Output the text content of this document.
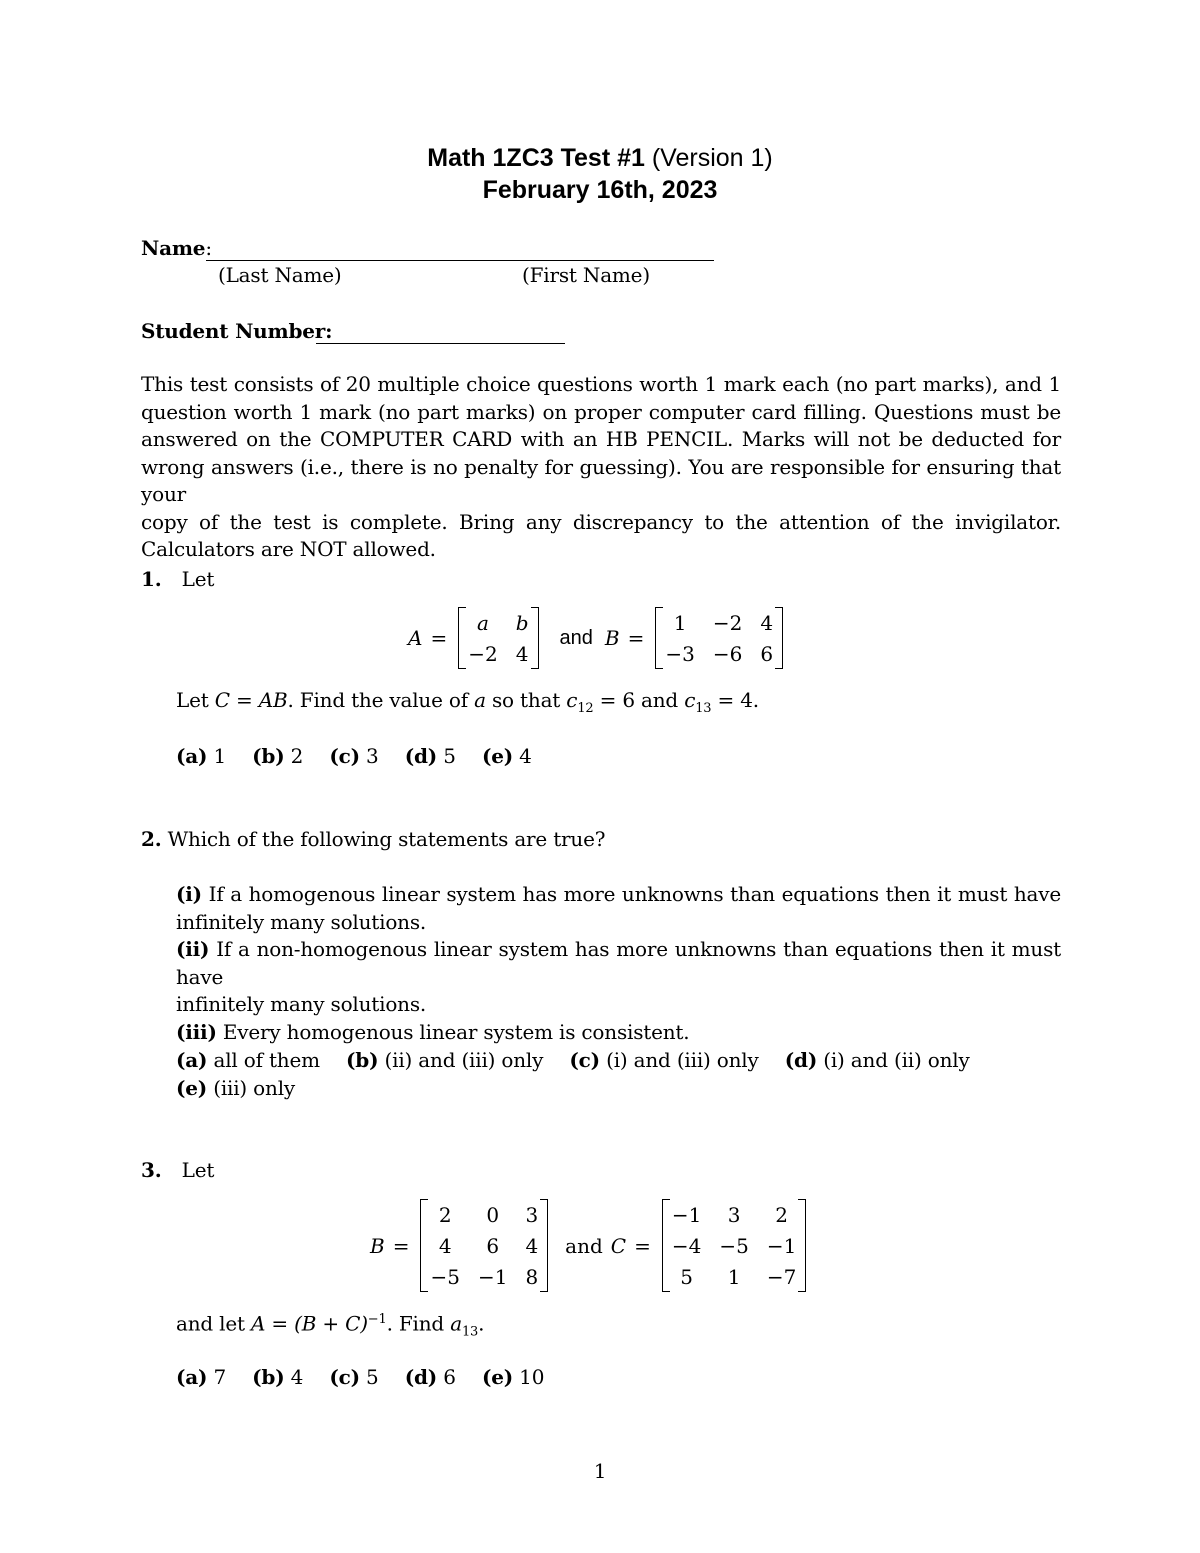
Math 1ZC3 Test #1 (Version 1)
February 16th, 2023
Name:
(Last Name)	(First Name)
Student Number:
This test consists of 20 multiple choice questions worth 1 mark each (no part marks), and 1
question worth 1 mark (no part marks) on proper computer card filling. Questions must be
answered on the COMPUTER CARD with an HB PENCIL. Marks will not be deducted for
wrong answers (i.e., there is no penalty for guessing). You are responsible for ensuring that your
copy of the test is complete. Bring any discrepancy to the attention of the invigilator.
Calculators are NOT allowed.
1. Let
A =
a	b
−2	4
and B =
1	−2	4
−3	−6	6
Let C = AB. Find the value of a so that $c_{12} = 6$ and $c_{13} = 4$.
(a) 1 (b) 2 (c) 3 (d) 5 (e) 4
2. Which of the following statements are true?
(i) If a homogenous linear system has more unknowns than equations then it must have
infinitely many solutions.
(ii) If a non-homogenous linear system has more unknowns than equations then it must have
infinitely many solutions.
(iii) Every homogenous linear system is consistent.
(a) all of them (b) (ii) and (iii) only (c) (i) and (iii) only (d) (i) and (ii) only
(e) (iii) only
3. Let
B =
2	0	3
4	6	4
−5	−1	8
and C =
−1	3	2
−4	−5	−1
5	1	−7
and let $A = (B + C)^{-1}$. Find $a_{13}$.
(a) 7 (b) 4 (c) 5 (d) 6 (e) 10
1
